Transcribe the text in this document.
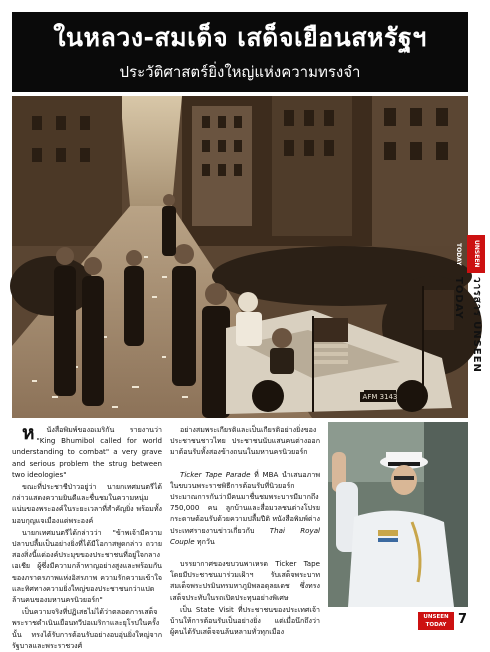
ในหลวง-สมเด็จ เสด็จเยือนสหรัฐฯ
ประวัติศาสตร์ยิ่งใหญ่แห่งความทรงจำ
AFM 3143
UNSEEN TODAY
วารสาร UNSEEN TODAY

ห นังสือพิมพ์ของอเมริกัน รายงานว่า "King Bhumibol called for world understanding to combat" a very grave and serious problem the strug between two ideologies"

ขณะที่ประชาชีป่าวอยู่ว่า นายกเทศมนตรีได้กล่าวแสดงความยินดีและชื่นชมในความหนุ่มแน่นของพระองค์ในระยะเวลาที่สำคัญยิ่ง พร้อมทั้งมอบกุญแจเมืองแด่พระองค์

นายกเทศมนตรีได้กล่าวว่า "ข้าพเจ้ามีความปลาบปลื้มเป็นอย่างยิ่งที่ได้มีโอกาสพูดกล่าว ถวายสองสิ่งนี้แด่องค์ประมุขของประชาชนที่อยู่ใจกลางเอเชีย ผู้ซึ่งมีความกล้าหาญอย่างสูงและพร้อมกันของภราดรภาพแห่งอิสรภาพ ความรักความเข้าใจ และทิศทางความยิ่งใหญ่ของประชาชนกว่าแปดล้านคนของมหานครนิวยอร์ก"

เป็นความจริงที่ปฏิเสธไม่ได้ว่าตลอดการเสด็จพระราชดำเนินเยือนทวีปอเมริกาและยุโรปในครั้งนั้น ทรงได้รับการต้อนรับอย่างอบอุ่นยิ่งใหญ่จากรัฐบาลและพระราชวงศ์

อย่างสมพระเกียรติและเป็นเกียรติอย่างยิ่งของประชาชนชาวไทย ประชาชนนับแสนคนต่างออกมาต้อนรับทั้งสองข้างถนนในมหานครนิวยอร์ก

Ticker Tape Parade ที่ MBA นำเสนอภาพในขบวนพระราชพิธีการต้อนรับที่นิวยอร์ก ประมาณการกันว่ามีคนมาชื่นชมพระบารมีมากถึง 750,000 คน ลูกบ้านและสื่อมวลชนต่างโปรยกระดาษต้อนรับด้วยความปลื้มปีติ หนังสือพิมพ์ต่างประเทศรายงานข่าวเกี่ยวกับ Thai Royal Couple ทุกวัน

บรรยากาศของขบวนพาเหรด Ticker Tape โดยมีประชาชนมาร่วมเฝ้าฯ รับเสด็จพระบาทสมเด็จพระปรมินทรมหาภูมิพลอดุลยเดช ซึ่งทรงเสด็จประทับในรถเปิดประทุนอย่างพิเศษ

เป็น State Visit ที่ประชาชนของประเทศเจ้าบ้านให้การต้อนรับเป็นอย่างยิ่ง แต่เมื่อนึกถึงว่าผู้คนได้รับเสด็จจนล้นหลามทั่วทุกเมือง

UNSEEN TODAY 7
